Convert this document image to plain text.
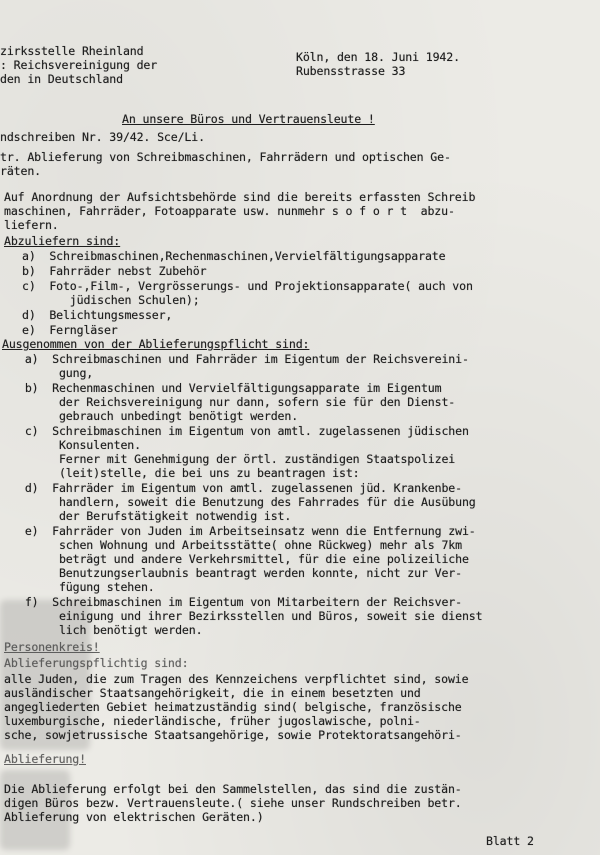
zirksstelle Rheinland
: Reichsvereinigung der
den in Deutschland
Köln, den 18. Juni 1942.
Rubensstrasse 33
An unsere Büros und Vertrauensleute !
ndschreiben Nr. 39/42. Sce/Li.
tr. Ablieferung von Schreibmaschinen, Fahrrädern und optischen Ge-
räten.
Auf Anordnung der Aufsichtsbehörde sind die bereits erfassten Schreib
maschinen, Fahrräder, Fotoapparate usw. nunmehr s o f o r t  abzu-
liefern.
Abzuliefern sind:
a)  Schreibmaschinen,Rechenmaschinen,Vervielfältigungsapparate
b)  Fahrräder nebst Zubehör
c)  Foto-,Film-, Vergrösserungs- und Projektionsapparate( auch von
jüdischen Schulen);
d)  Belichtungsmesser,
e)  Ferngläser
Ausgenommen von der Ablieferungspflicht sind:
a)  Schreibmaschinen und Fahrräder im Eigentum der Reichsvereini-
gung,
b)  Rechenmaschinen und Vervielfältigungsapparate im Eigentum
der Reichsvereinigung nur dann, sofern sie für den Dienst-
gebrauch unbedingt benötigt werden.
c)  Schreibmaschinen im Eigentum von amtl. zugelassenen jüdischen
Konsulenten.
Ferner mit Genehmigung der örtl. zuständigen Staatspolizei
(leit)stelle, die bei uns zu beantragen ist:
d)  Fahrräder im Eigentum von amtl. zugelassenen jüd. Krankenbe-
handlern, soweit die Benutzung des Fahrrades für die Ausübung
der Berufstätigkeit notwendig ist.
e)  Fahrräder von Juden im Arbeitseinsatz wenn die Entfernung zwi-
schen Wohnung und Arbeitsstätte( ohne Rückweg) mehr als 7km
beträgt und andere Verkehrsmittel, für die eine polizeiliche
Benutzungserlaubnis beantragt werden konnte, nicht zur Ver-
fügung stehen.
f)  Schreibmaschinen im Eigentum von Mitarbeitern der Reichsver-
einigung und ihrer Bezirksstellen und Büros, soweit sie dienst
lich benötigt werden.
Personenkreis!
Ablieferungspflichtig sind:
alle Juden, die zum Tragen des Kennzeichens verpflichtet sind, sowie
ausländischer Staatsangehörigkeit, die in einem besetzten und
angegliederten Gebiet heimatzuständig sind( belgische, französische
luxemburgische, niederländische, früher jugoslawische, polni-
sche, sowjetrussische Staatsangehörige, sowie Protektoratsangehöri-
Ablieferung!
Die Ablieferung erfolgt bei den Sammelstellen, das sind die zustän-
digen Büros bezw. Vertrauensleute.( siehe unser Rundschreiben betr.
Ablieferung von elektrischen Geräten.)
Blatt 2
